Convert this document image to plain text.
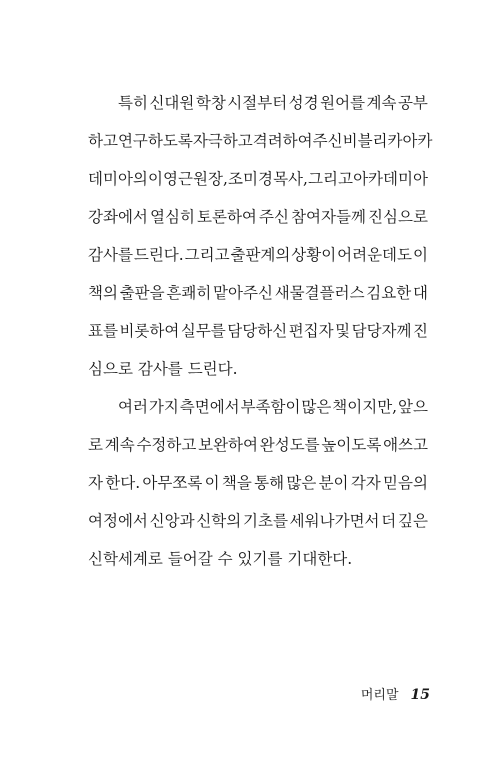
특히 신대원 학창 시절부터 성경 원어를 계속 공부
하고 연구하도록 자극하고 격려하여 주신 비블리카아카
데미아의 이영근 원장, 조미경 목사, 그리고 아카데미아
강좌에서 열심히 토론하여 주신 참여자들께 진심으로
감사를 드린다. 그리고 출판계의 상황이 어려운데도 이
책의 출판을 흔쾌히 맡아주신 새물결플러스 김요한 대
표를 비롯하여 실무를 담당하신 편집자 및 담당자께 진
심으로 감사를 드린다.
여러 가지 측면에서 부족함이 많은 책이지만, 앞으
로 계속 수정하고 보완하여 완성도를 높이도록 애쓰고
자 한다. 아무쪼록 이 책을 통해 많은 분이 각자 믿음의
여정에서 신앙과 신학의 기초를 세워나가면서 더 깊은
신학세계로 들어갈 수 있기를 기대한다.
머리말 15
